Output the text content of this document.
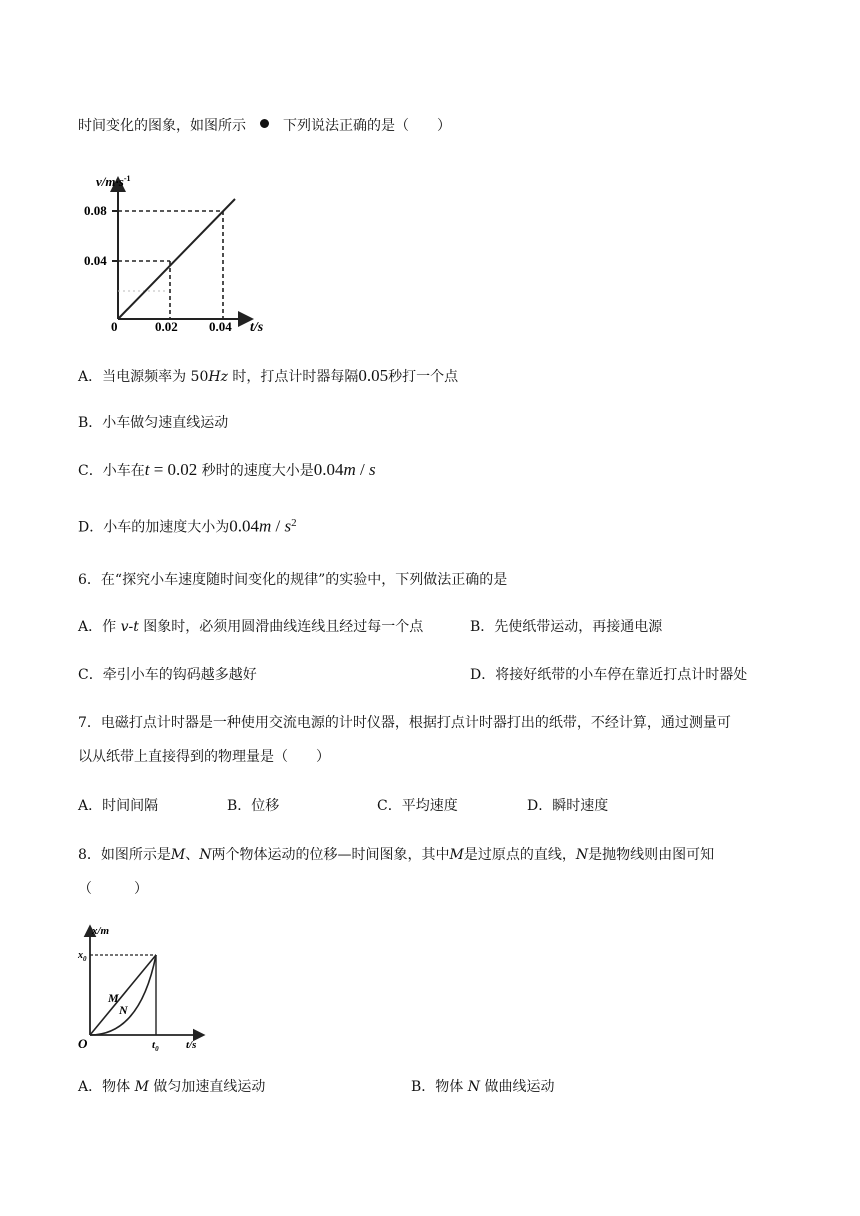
时间变化的图象，如图所示	下列说法正确的是（　　）
$v/m\cdot s^{-1}$
0.08
0.04
0	0.02 0.04 t/s
A．当电源频率为 50Hz 时，打点计时器每隔0.05秒打一个点
B．小车做匀速直线运动
C．小车在t = 0.02 秒时的速度大小是0.04m / s
D．小车的加速度大小为$0.04m / s^2$
6．在“探究小车速度随时间变化的规律”的实验中，下列做法正确的是
A．作 v-t 图象时，必须用圆滑曲线连线且经过每一个点	B．先使纸带运动，再接通电源
C．牵引小车的钩码越多越好	D．将接好纸带的小车停在靠近打点计时器处
7．电磁打点计时器是一种使用交流电源的计时仪器，根据打点计时器打出的纸带，不经计算，通过测量可
以从纸带上直接得到的物理量是（　　）
A．时间间隔	B．位移	C．平均速度	D．瞬时速度
8．如图所示是M、N两个物体运动的位移—时间图象，其中M是过原点的直线，N是抛物线则由图可知
（　　　）
x/m
$x_0$
M
N
O	$t_0$ t/s
A．物体 M 做匀加速直线运动	B．物体 N 做曲线运动
